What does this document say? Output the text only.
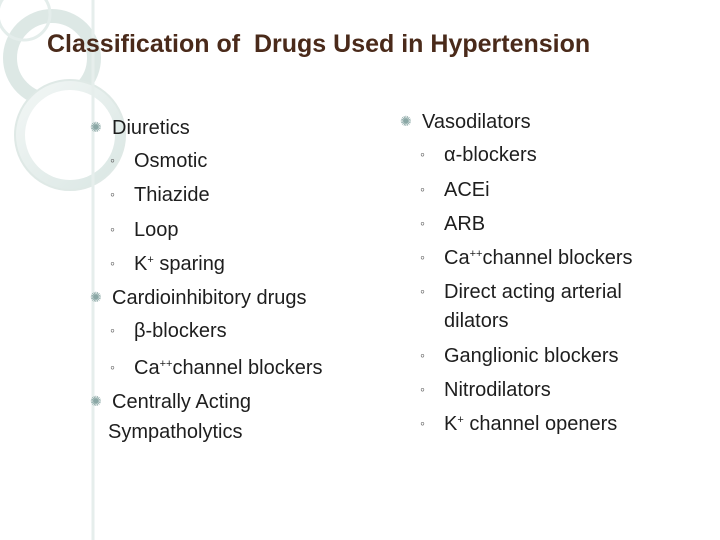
Classification of  Drugs Used in Hypertension
✺ Diuretics
◦ Osmotic
◦ Thiazide
◦ Loop
◦ K+ sparing
✺ Cardioinhibitory drugs
◦ β-blockers
◦ Ca++channel blockers
✺ Centrally Acting
Sympatholytics
✺ Vasodilators
◦ α-blockers
◦ ACEi
◦ ARB
◦ Ca++channel blockers
◦ Direct acting arterial
dilators
◦ Ganglionic blockers
◦ Nitrodilators
◦ K+ channel openers
